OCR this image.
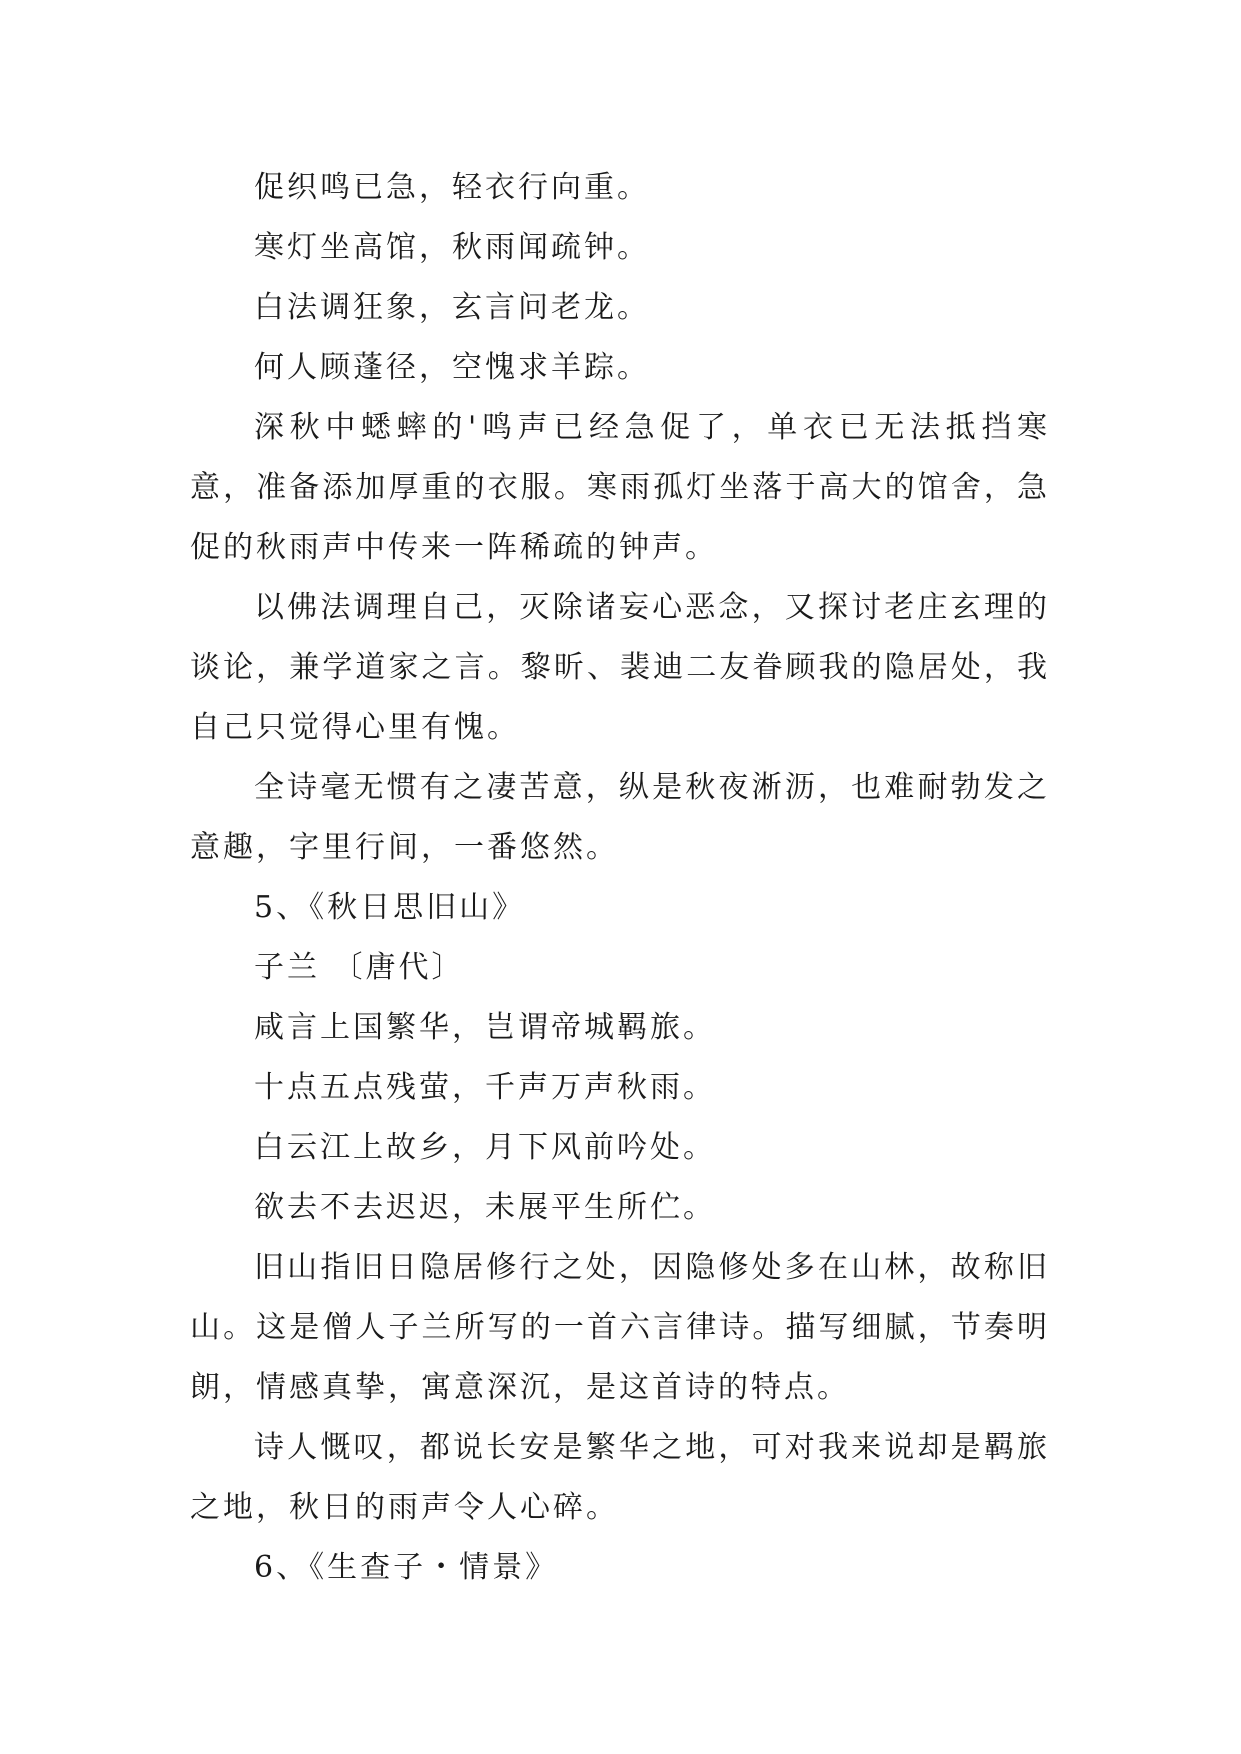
促织鸣已急，轻衣行向重。
寒灯坐高馆，秋雨闻疏钟。
白法调狂象，玄言问老龙。
何人顾蓬径，空愧求羊踪。

深秋中蟋蟀的'鸣声已经急促了，单衣已无法抵挡寒意，准备添加厚重的衣服。寒雨孤灯坐落于高大的馆舍，急促的秋雨声中传来一阵稀疏的钟声。

以佛法调理自己，灭除诸妄心恶念，又探讨老庄玄理的谈论，兼学道家之言。黎昕、裴迪二友眷顾我的隐居处，我自己只觉得心里有愧。

全诗毫无惯有之凄苦意，纵是秋夜淅沥，也难耐勃发之意趣，字里行间，一番悠然。

5、《秋日思旧山》
子兰 〔唐代〕
咸言上国繁华，岂谓帝城羁旅。
十点五点残萤，千声万声秋雨。
白云江上故乡，月下风前吟处。
欲去不去迟迟，未展平生所伫。

旧山指旧日隐居修行之处，因隐修处多在山林，故称旧山。这是僧人子兰所写的一首六言律诗。描写细腻，节奏明朗，情感真挚，寓意深沉，是这首诗的特点。

诗人慨叹，都说长安是繁华之地，可对我来说却是羁旅之地，秋日的雨声令人心碎。

6、《生查子・情景》
